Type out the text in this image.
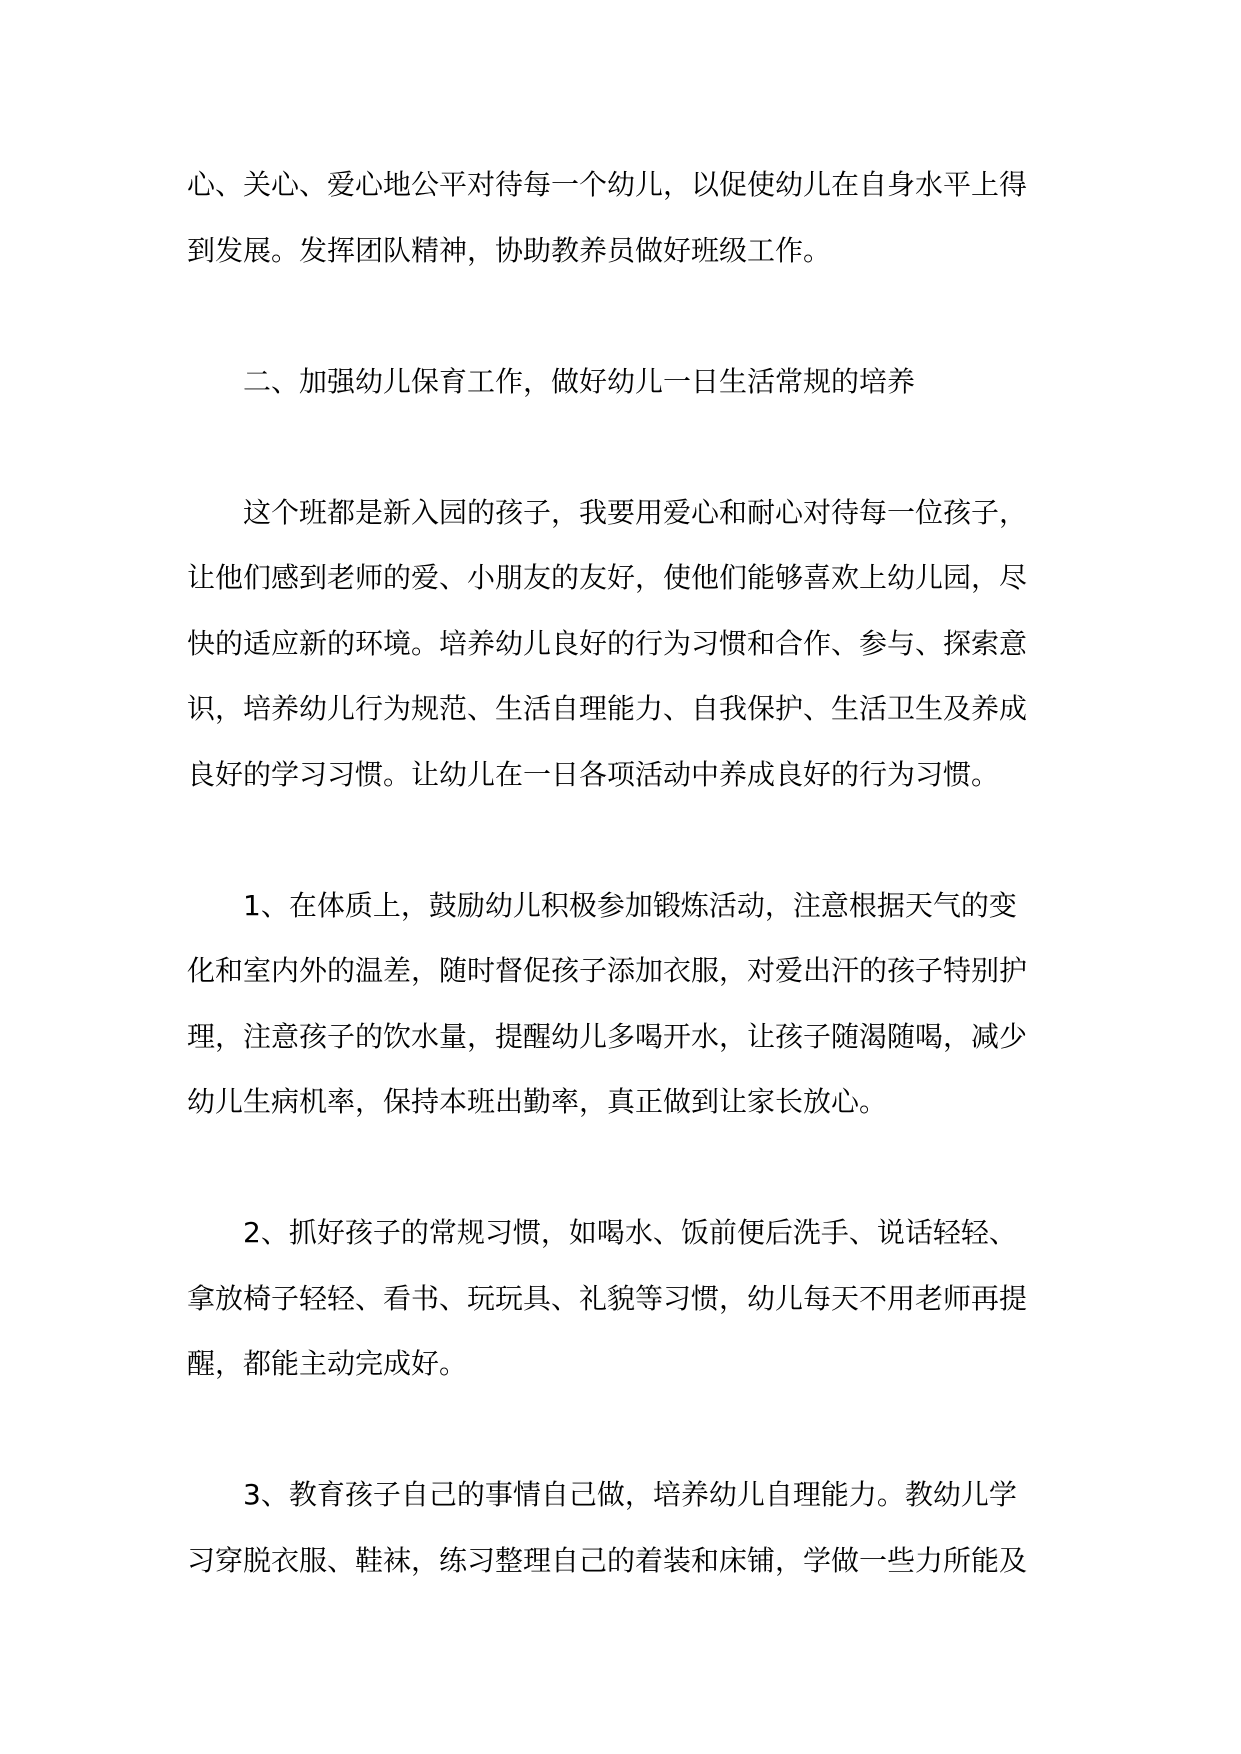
心、关心、爱心地公平对待每一个幼儿，以促使幼儿在自身水平上得
到发展。发挥团队精神，协助教养员做好班级工作。
二、加强幼儿保育工作，做好幼儿一日生活常规的培养
这个班都是新入园的孩子，我要用爱心和耐心对待每一位孩子，
让他们感到老师的爱、小朋友的友好，使他们能够喜欢上幼儿园，尽
快的适应新的环境。培养幼儿良好的行为习惯和合作、参与、探索意
识，培养幼儿行为规范、生活自理能力、自我保护、生活卫生及养成
良好的学习习惯。让幼儿在一日各项活动中养成良好的行为习惯。
1、在体质上，鼓励幼儿积极参加锻炼活动，注意根据天气的变
化和室内外的温差，随时督促孩子添加衣服，对爱出汗的孩子特别护
理，注意孩子的饮水量，提醒幼儿多喝开水，让孩子随渴随喝，减少
幼儿生病机率，保持本班出勤率，真正做到让家长放心。
2、抓好孩子的常规习惯，如喝水、饭前便后洗手、说话轻轻、
拿放椅子轻轻、看书、玩玩具、礼貌等习惯，幼儿每天不用老师再提
醒，都能主动完成好。
3、教育孩子自己的事情自己做，培养幼儿自理能力。教幼儿学
习穿脱衣服、鞋袜，练习整理自己的着装和床铺，学做一些力所能及
